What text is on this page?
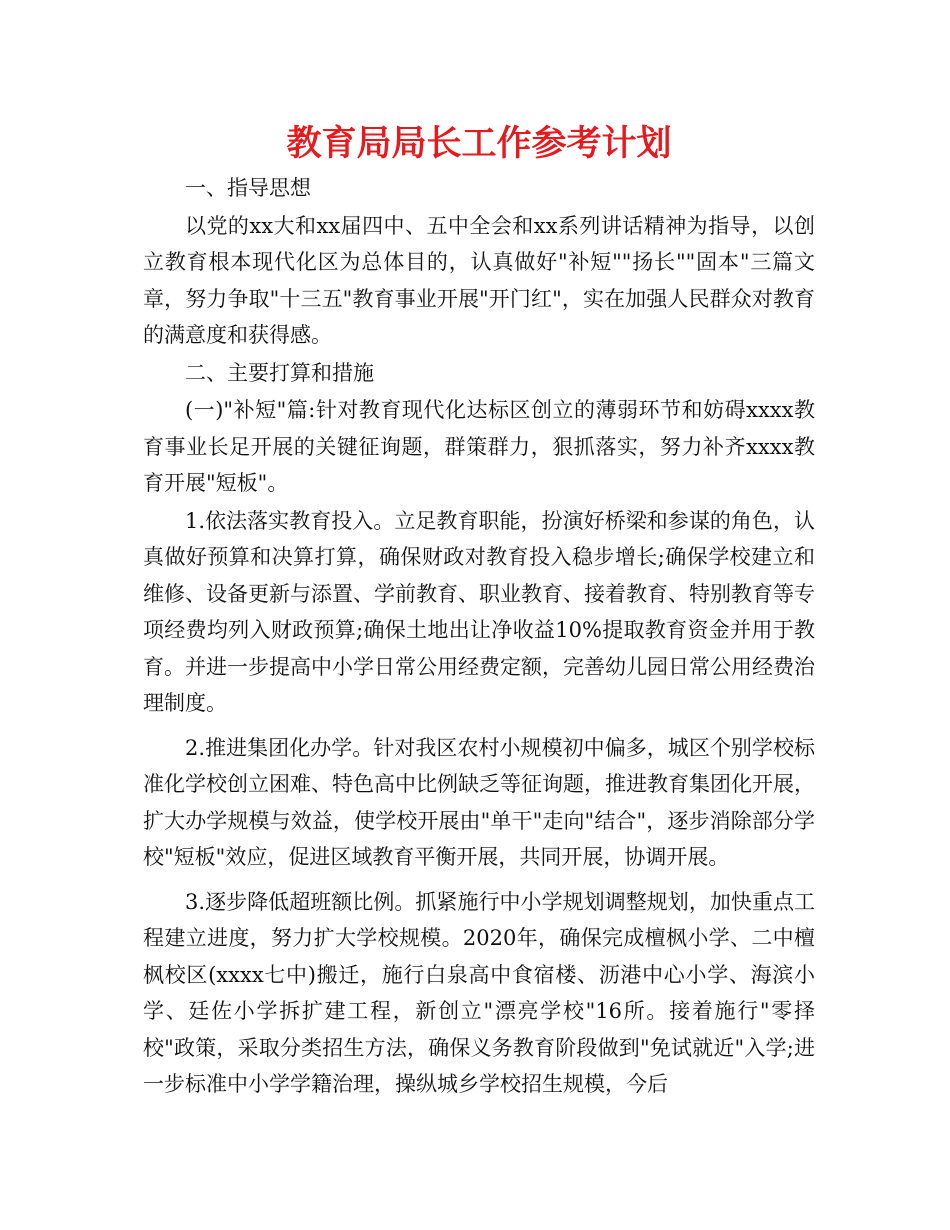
教育局局长工作参考计划

一、指导思想

以党的xx大和xx届四中、五中全会和xx系列讲话精神为指导，以创立教育根本现代化区为总体目的，认真做好"补短""扬长""固本"三篇文章，努力争取"十三五"教育事业开展"开门红"，实在加强人民群众对教育的满意度和获得感。

二、主要打算和措施

(一)"补短"篇:针对教育现代化达标区创立的薄弱环节和妨碍xxxx教育事业长足开展的关键征询题，群策群力，狠抓落实，努力补齐xxxx教育开展"短板"。

1.依法落实教育投入。立足教育职能，扮演好桥梁和参谋的角色，认真做好预算和决算打算，确保财政对教育投入稳步增长;确保学校建立和维修、设备更新与添置、学前教育、职业教育、接着教育、特别教育等专项经费均列入财政预算;确保土地出让净收益10%提取教育资金并用于教育。并进一步提高中小学日常公用经费定额，完善幼儿园日常公用经费治理制度。

2.推进集团化办学。针对我区农村小规模初中偏多，城区个别学校标准化学校创立困难、特色高中比例缺乏等征询题，推进教育集团化开展，扩大办学规模与效益，使学校开展由"单干"走向"结合"，逐步消除部分学校"短板"效应，促进区域教育平衡开展，共同开展，协调开展。

3.逐步降低超班额比例。抓紧施行中小学规划调整规划，加快重点工程建立进度，努力扩大学校规模。2020年，确保完成檀枫小学、二中檀枫校区(xxxx七中)搬迁，施行白泉高中食宿楼、沥港中心小学、海滨小学、廷佐小学拆扩建工程，新创立"漂亮学校"16所。接着施行"零择校"政策，采取分类招生方法，确保义务教育阶段做到"免试就近"入学;进一步标准中小学学籍治理，操纵城乡学校招生规模，今后
